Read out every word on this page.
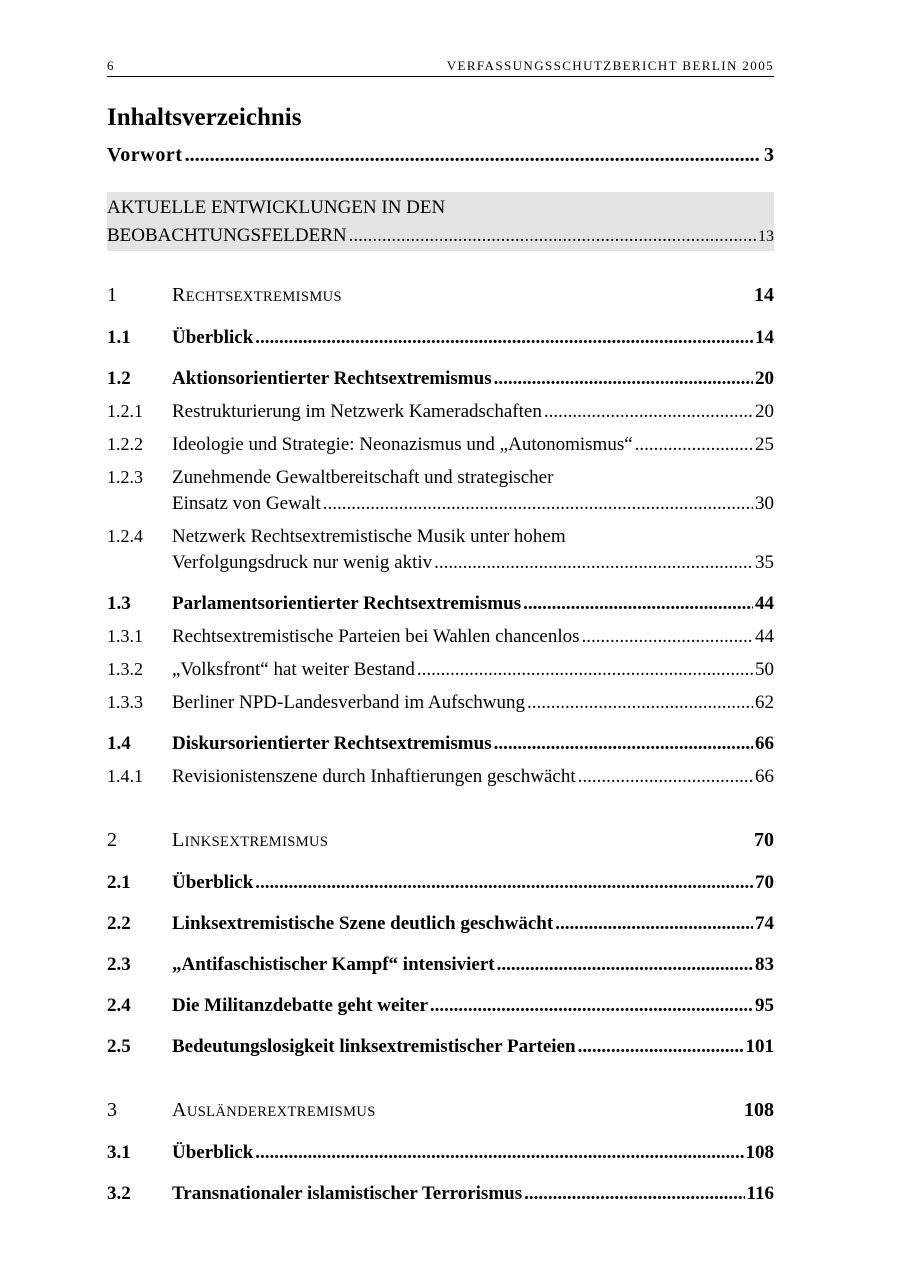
6	VERFASSUNGSSCHUTZBERICHT BERLIN 2005
Inhaltsverzeichnis
Vorwort .....	3
AKTUELLE ENTWICKLUNGEN IN DEN
BEOBACHTUNGSFELDERN .....	13
1	RECHTSEXTREMISMUS	14
1.1	Überblick .....	14
1.2	Aktionsorientierter Rechtsextremismus .....	20
1.2.1	Restrukturierung im Netzwerk Kameradschaften .....	20
1.2.2	Ideologie und Strategie: Neonazismus und „Autonomismus“ .....	25
1.2.3	Zunehmende Gewaltbereitschaft und strategischer
Einsatz von Gewalt .....	30
1.2.4	Netzwerk Rechtsextremistische Musik unter hohem
Verfolgungsdruck nur wenig aktiv .....	35
1.3	Parlamentsorientierter Rechtsextremismus .....	44
1.3.1	Rechtsextremistische Parteien bei Wahlen chancenlos .....	44
1.3.2	„Volksfront“ hat weiter Bestand .....	50
1.3.3	Berliner NPD-Landesverband im Aufschwung .....	62
1.4	Diskursorientierter Rechtsextremismus .....	66
1.4.1	Revisionistenszene durch Inhaftierungen geschwächt .....	66
2	LINKSEXTREMISMUS	70
2.1	Überblick .....	70
2.2	Linksextremistische Szene deutlich geschwächt .....	74
2.3	„Antifaschistischer Kampf“ intensiviert .....	83
2.4	Die Militanzdebatte geht weiter .....	95
2.5	Bedeutungslosigkeit linksextremistischer Parteien .....	101
3	AUSLÄNDEREXTREMISMUS	108
3.1	Überblick .....	108
3.2	Transnationaler islamistischer Terrorismus .....	116
